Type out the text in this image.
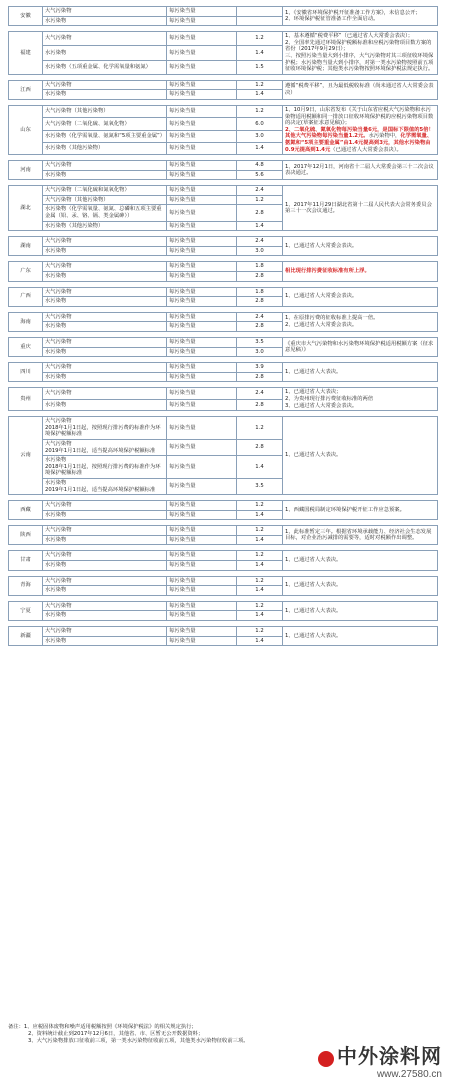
安徽	大气污染物	每污染当量		1、《安徽省环境保护税开征准备工作方案》，未信息公开；
2、环境保护税征管准备工作全面启动。
	水污染物	每污染当量		
福建	大气污染物	每污染当量	1.2	1、基本遵循“税费平移”（已通过省人大常委会表决）；
2、全国率先通过环境保护税额标准和应税污染物项目数方案的省份（2017年9月29日）；
三、按照污染当量大到小排序，大气污染物对其三项征收环境保护税；水污染物当量大到小排序，对第一类水污染物按照前五项征收环境保护税；其他类水污染物按照环境保护税法规定执行。
	水污染物	每污染当量	1.4	
	水污染物（五项重金属、化学需氧量和氨氮）	每污染当量	1.5	
江西	大气污染物	每污染当量	1.2	遵循“税费平移”，且为最低税收标准（尚未通过省人大常委会表决）
	水污染物	每污染当量	1.4	
山东	大气污染物（其他污染物）	每污染当量	1.2	1、10月9日，山东省发布《关于山东省应税大气污染物和水污染物适用税额和同一排放口征收环境保护税的应税污染物项目数的决定(草案征求意见稿)》；
2、二氧化硫、氮氧化物每污染当量6元，是国标下限值的5倍！其他大气污染物每污染当量1.2元。水污染物中，化学需氧量、氨氮和“5项主要重金属”由1.4元提高到3元，其他水污染物由0.9元提高到1.4元（已通过省人大常委会表决）。
	大气污染物（二氧化硫、氮氧化物）	每污染当量	6.0	
	水污染物（化学需氧量、氨氮和“5项主要重金属”）	每污染当量	3.0	
	水污染物（其他污染物）	每污染当量	1.4	
河南	大气污染物	每污染当量	4.8	1、2017年12月1日，河南省十二届人大常委会第三十二次会议表决通过。
	水污染物	每污染当量	5.6	
湖北	大气污染物（二氧化硫和氮氧化物）	每污染当量	2.4	1、2017年11月29日湖北省第十二届人民代表大会常务委员会第三十一次会议通过。
	大气污染物（其他污染物）	每污染当量	1.2	
	水污染物（化学需氧量、氨氮、总磷和五项主要重金属（铅、汞、铬、镉、类金属砷））	每污染当量	2.8	
	水污染物（其他污染物）	每污染当量	1.4	
湖南	大气污染物	每污染当量	2.4	1、已通过省人大常委会表决。
	水污染物	每污染当量	3.0	
广东	大气污染物	每污染当量	1.8	相比现行排污费征收标准有所上浮。
	水污染物	每污染当量	2.8	
广西	大气污染物	每污染当量	1.8	1、已通过省人大常委会表决。
	水污染物	每污染当量	2.8	
海南	大气污染物	每污染当量	2.4	1、在原排污费的征收标准上提高一倍。
2、已通过省人大常委会表决。
	水污染物	每污染当量	2.8	
重庆	大气污染物	每污染当量	3.5	《重庆市大气污染物和水污染物环境保护税适用税额方案（征求意见稿）》
	水污染物	每污染当量	3.0	
四川	大气污染物	每污染当量	3.9	1、已通过省人大表决。
	水污染物	每污染当量	2.8	
贵州	大气污染物	每污染当量	2.4	1、已通过省人大表决；
2、为贵州现行排污费征收标准的两倍
3、已通过省人大常委会表决。
	水污染物	每污染当量	2.8	
云南	大气污染物
2018年1月1日起，按照现行排污费的标准作为环境保护税额标准	每污染当量	1.2	1、已通过省人大表决。
	大气污染物
2019年1月1日起，适当提高环境保护税额标准	每污染当量	2.8	
	水污染物
2018年1月1日起，按照现行排污费的标准作为环境保护税额标准	每污染当量	1.4	
	水污染物
2019年1月1日起，适当提高环境保护税额标准	每污染当量	3.5	
西藏	大气污染物	每污染当量	1.2	1、西藏国税局制定环境保护税开征工作应急预案。
	水污染物	每污染当量	1.4	
陕西	大气污染物	每污染当量	1.2	1、此标准暂定三年。根据省环境承载能力、经济社会生态发展目标，对企业治污减排的需要等，适时对税额作出调整。
	水污染物	每污染当量	1.4	
甘肃	大气污染物	每污染当量	1.2	1、已通过省人大表决。
	水污染物	每污染当量	1.4	
青海	大气污染物	每污染当量	1.2	1、已通过省人大表决。
	水污染物	每污染当量	1.4	
宁夏	大气污染物	每污染当量	1.2	1、已通过省人大表决。
	水污染物	每污染当量	1.4	
新疆	大气污染物	每污染当量	1.2	1、已通过省人大表决。
	水污染物	每污染当量	1.4	
备注：1、应税固体废物和噪声适用税额按照《环境保护税法》的相关规定执行；
2、资料统计截止到2017年12月6日，其他省、市、区暂无公开数据资料；
3、大气污染物排放口征收前三项，第一类水污染物征收前五项，其他类水污染物征收前三项。
中外涂料网
www.27580.cn
